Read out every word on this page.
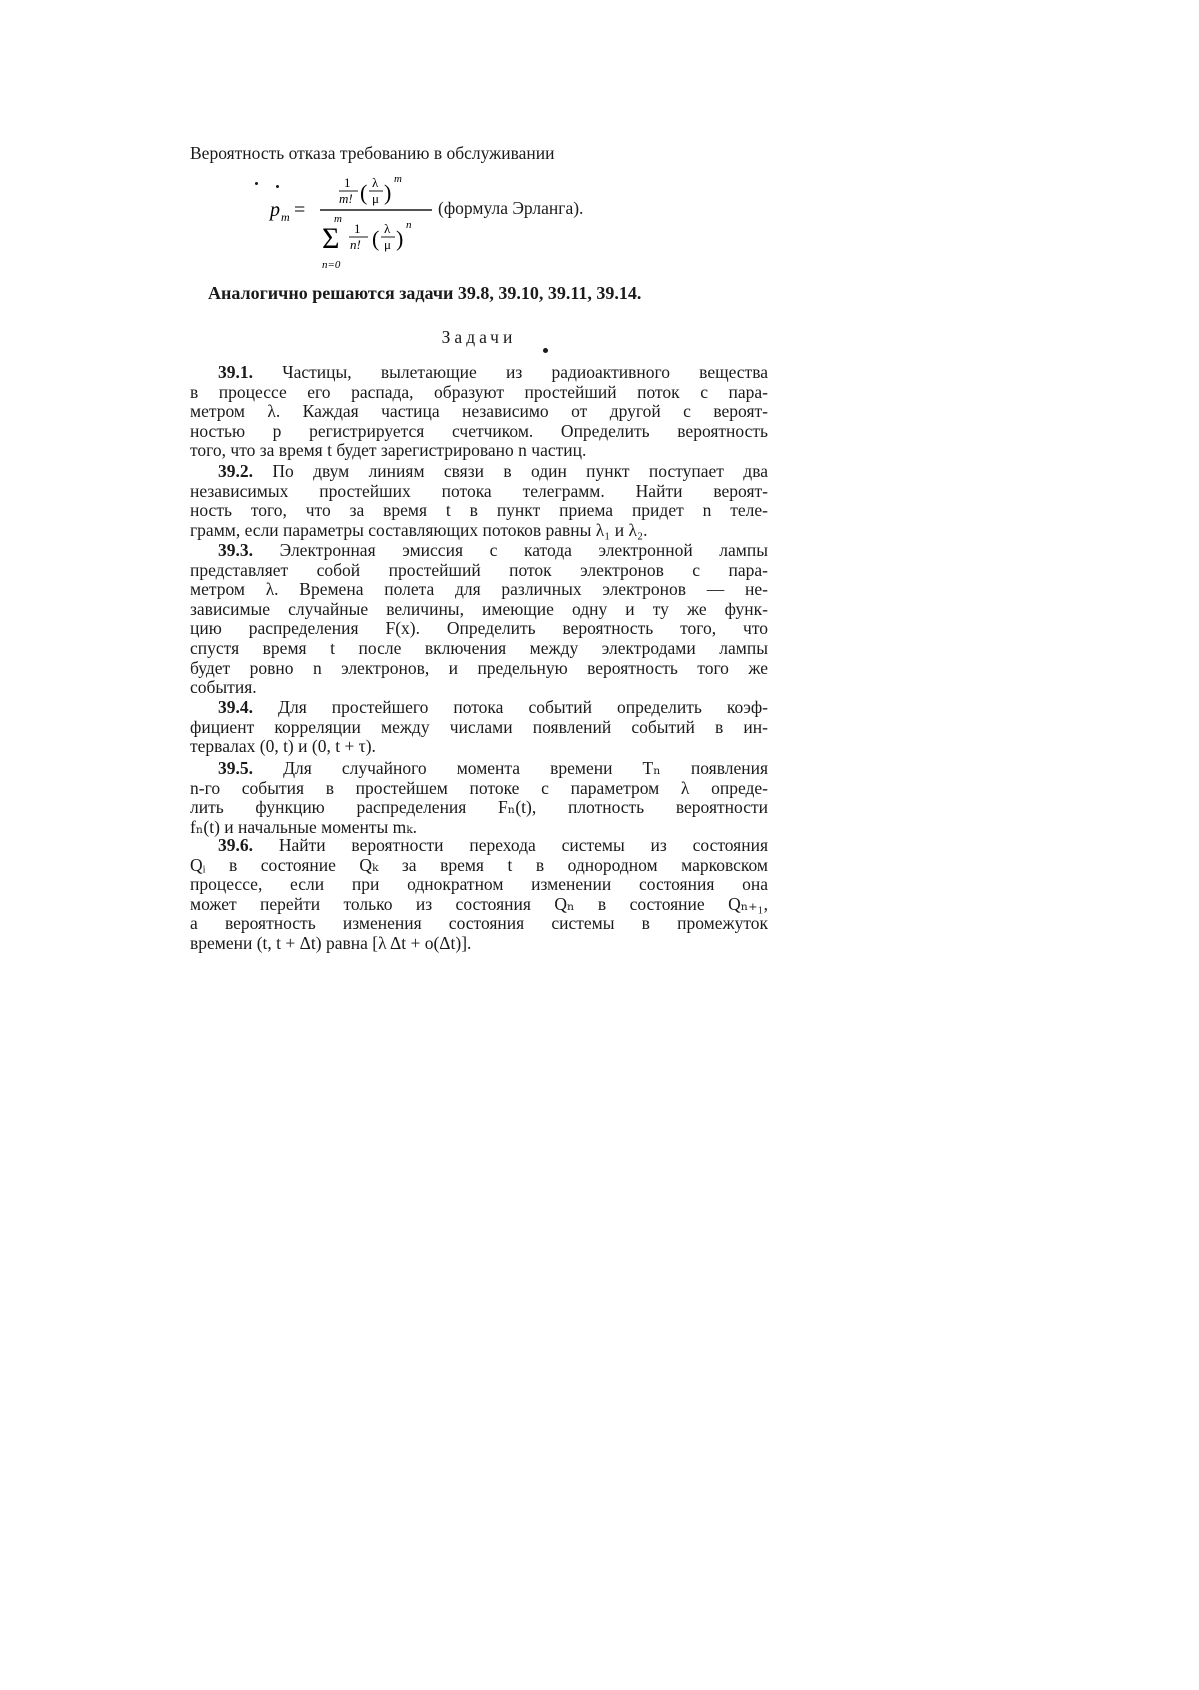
Вероятность отказа требованию в обслуживании
p m =
1
m! ( λ
μ )
m
m
Σ
n=0
1
n! ( λ
μ )
n
(формула Эрланга).
Аналогично решаются задачи 39.8, 39.10, 39.11, 39.14.
Задачи
39.1. Частицы, вылетающие из радиоактивного вещества
в процессе его распада, образуют простейший поток с пара-
метром λ. Каждая частица независимо от другой с вероят-
ностью p регистрируется счетчиком. Определить вероятность
того, что за время t будет зарегистрировано n частиц.
39.2. По двум линиям связи в один пункт поступает два
независимых простейших потока телеграмм. Найти вероят-
ность того, что за время t в пункт приема придет n теле-
грамм, если параметры составляющих потоков равны λ₁ и λ₂.
39.3. Электронная эмиссия с катода электронной лампы
представляет собой простейший поток электронов с пара-
метром λ. Времена полета для различных электронов — не-
зависимые случайные величины, имеющие одну и ту же функ-
цию распределения F(x). Определить вероятность того, что
спустя время t после включения между электродами лампы
будет ровно n электронов, и предельную вероятность того же
события.
39.4. Для простейшего потока событий определить коэф-
фициент корреляции между числами появлений событий в ин-
тервалах (0, t) и (0, t + τ).
39.5. Для случайного момента времени Tₙ появления
n-го события в простейшем потоке с параметром λ опреде-
лить функцию распределения Fₙ(t), плотность вероятности
fₙ(t) и начальные моменты mₖ.
39.6. Найти вероятности перехода системы из состояния
Qᵢ в состояние Qₖ за время t в однородном марковском
процессе, если при однократном изменении состояния она
может перейти только из состояния Qₙ в состояние Qₙ₊₁,
а вероятность изменения состояния системы в промежуток
времени (t, t + Δt) равна [λ Δt + o(Δt)].
